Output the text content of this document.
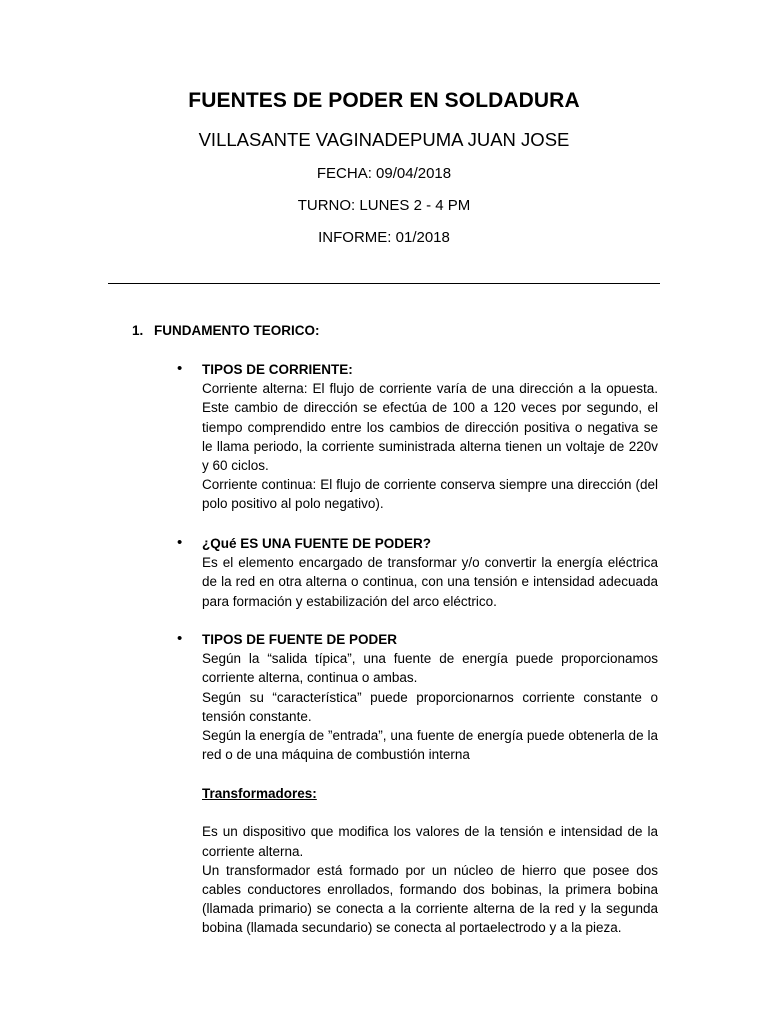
FUENTES DE PODER EN SOLDADURA
VILLASANTE VAGINADEPUMA JUAN JOSE
FECHA: 09/04/2018
TURNO: LUNES 2 - 4 PM
INFORME: 01/2018
1. FUNDAMENTO TEORICO:
• TIPOS DE CORRIENTE:

Corriente alterna: El flujo de corriente varía de una dirección a la opuesta. Este cambio de dirección se efectúa de 100 a 120 veces por segundo, el tiempo comprendido entre los cambios de dirección positiva o negativa se le llama periodo, la corriente suministrada alterna tienen un voltaje de 220v y 60 ciclos.

Corriente continua: El flujo de corriente conserva siempre una dirección (del polo positivo al polo negativo).

• ¿Qué ES UNA FUENTE DE PODER?

Es el elemento encargado de transformar y/o convertir la energía eléctrica de la red en otra alterna o continua, con una tensión e intensidad adecuada para formación y estabilización del arco eléctrico.

• TIPOS DE FUENTE DE PODER

Según la “salida típica”, una fuente de energía puede proporcionamos corriente alterna, continua o ambas.

Según su “característica” puede proporcionarnos corriente constante o tensión constante.

Según la energía de ”entrada”, una fuente de energía puede obtenerla de la red o de una máquina de combustión interna

Transformadores:

Es un dispositivo que modifica los valores de la tensión e intensidad de la corriente alterna.

Un transformador está formado por un núcleo de hierro que posee dos cables conductores enrollados, formando dos bobinas, la primera bobina (llamada primario) se conecta a la corriente alterna de la red y la segunda bobina (llamada secundario) se conecta al portaelectrodo y a la pieza.
